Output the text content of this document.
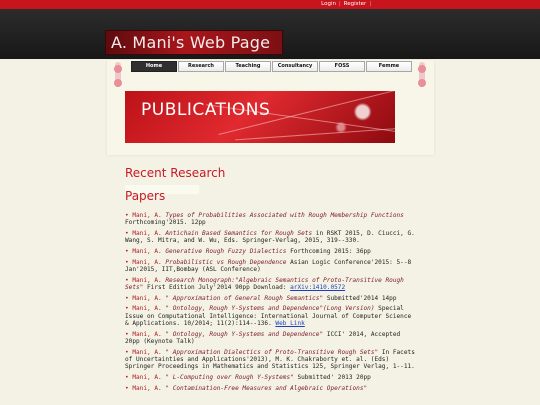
Login | Register |
A. Mani's Web Page
Home	Research	Teaching	Consultancy	FOSS	Femme
PUBLICATIONS
Recent Research
Papers
• Mani, A. Types of Probabilities Associated with Rough Membership Functions Forthcoming'2015. 12pp
• Mani, A. Antichain Based Semantics for Rough Sets in RSKT 2015, D. Ciucci, G. Wang, S. Mitra, and W. Wu, Eds. Springer-Verlag, 2015, 319--330.
• Mani, A. Generative Rough Fuzzy Dialectics Forthcoming 2015: 36pp
• Mani, A. Probabilistic vs Rough Dependence Asian Logic Conference'2015: 5--8 Jan'2015, IIT,Bombay (ASL Conference)
• Mani, A. Research Monograph:"Algebraic Semantics of Proto-Transitive Rough Sets" First Edition July'2014 90pp Download: arXiv:1410.0572
• Mani, A. " Approximation of General Rough Semantics" Submitted'2014 14pp
• Mani, A. " Ontology, Rough Y-Systems and Dependence"(Long Version) Special Issue on Computational Intelligence: International Journal of Computer Science & Applications. 10/2014; 11(2):114--136. Web Link
• Mani, A. " Ontology, Rough Y-Systems and Dependence" ICCI' 2014, Accepted 20pp (Keynote Talk)
• Mani, A. " Approximation Dialectics of Proto-Transitive Rough Sets" In Facets of Uncertainties and Applications'2013), M. K. Chakraborty et. al. (Eds) Springer Proceedings in Mathematics and Statistics 125, Springer Verlag, 1--11.
• Mani, A. " L-Computing over Rough Y-Systems" Submitted' 2013 20pp
• Mani, A. " Contamination-Free Measures and Algebraic Operations"
